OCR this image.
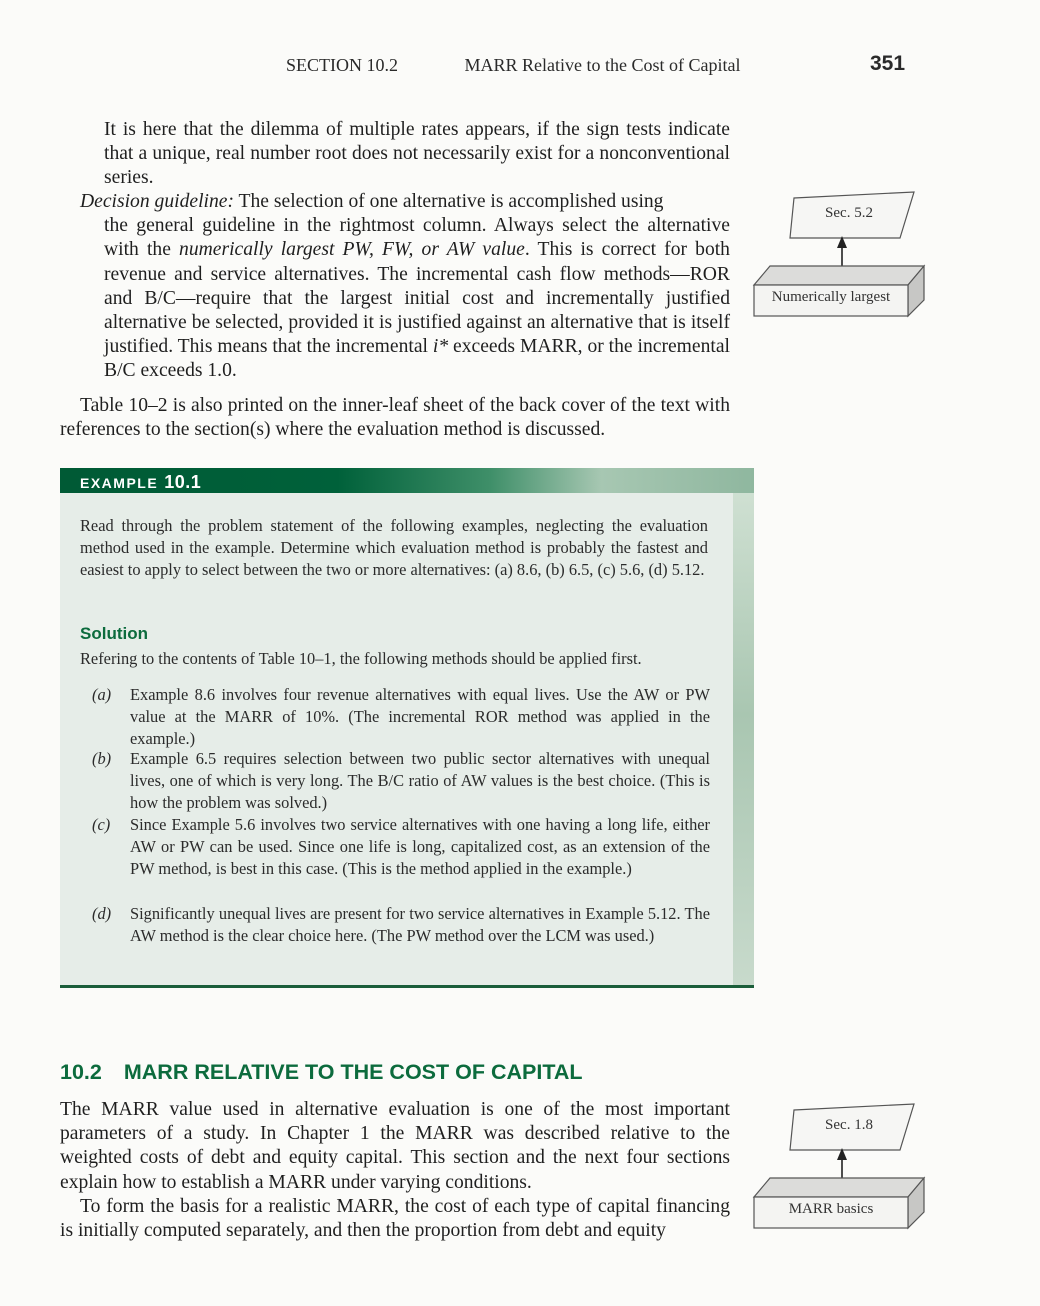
SECTION 10.2	MARR Relative to the Cost of Capital	351
It is here that the dilemma of multiple rates appears, if the sign tests indicate that a unique, real number root does not necessarily exist for a nonconventional series.
Decision guideline: The selection of one alternative is accomplished using
the general guideline in the rightmost column. Always select the alternative with the numerically largest PW, FW, or AW value. This is correct for both revenue and service alternatives. The incremental cash flow methods—ROR and B/C—require that the largest initial cost and incrementally justified alternative be selected, provided it is justified against an alternative that is itself justified. This means that the incremental i* exceeds MARR, or the incremental B/C exceeds 1.0.
Table 10–2 is also printed on the inner-leaf sheet of the back cover of the text with references to the section(s) where the evaluation method is discussed.
EXAMPLE 10.1
Read through the problem statement of the following examples, neglecting the evaluation method used in the example. Determine which evaluation method is probably the fastest and easiest to apply to select between the two or more alternatives: (a) 8.6, (b) 6.5, (c) 5.6, (d) 5.12.
Solution
Refering to the contents of Table 10–1, the following methods should be applied first.
(a) Example 8.6 involves four revenue alternatives with equal lives. Use the AW or PW value at the MARR of 10%. (The incremental ROR method was applied in the example.)
(b) Example 6.5 requires selection between two public sector alternatives with unequal lives, one of which is very long. The B/C ratio of AW values is the best choice. (This is how the problem was solved.)
(c) Since Example 5.6 involves two service alternatives with one having a long life, either AW or PW can be used. Since one life is long, capitalized cost, as an extension of the PW method, is best in this case. (This is the method applied in the example.)
(d) Significantly unequal lives are present for two service alternatives in Example 5.12. The AW method is the clear choice here. (The PW method over the LCM was used.)
10.2 MARR RELATIVE TO THE COST OF CAPITAL
The MARR value used in alternative evaluation is one of the most important parameters of a study. In Chapter 1 the MARR was described relative to the weighted costs of debt and equity capital. This section and the next four sections explain how to establish a MARR under varying conditions.
To form the basis for a realistic MARR, the cost of each type of capital financing is initially computed separately, and then the proportion from debt and equity
Sec. 5.2
Numerically largest
Sec. 1.8
MARR basics
